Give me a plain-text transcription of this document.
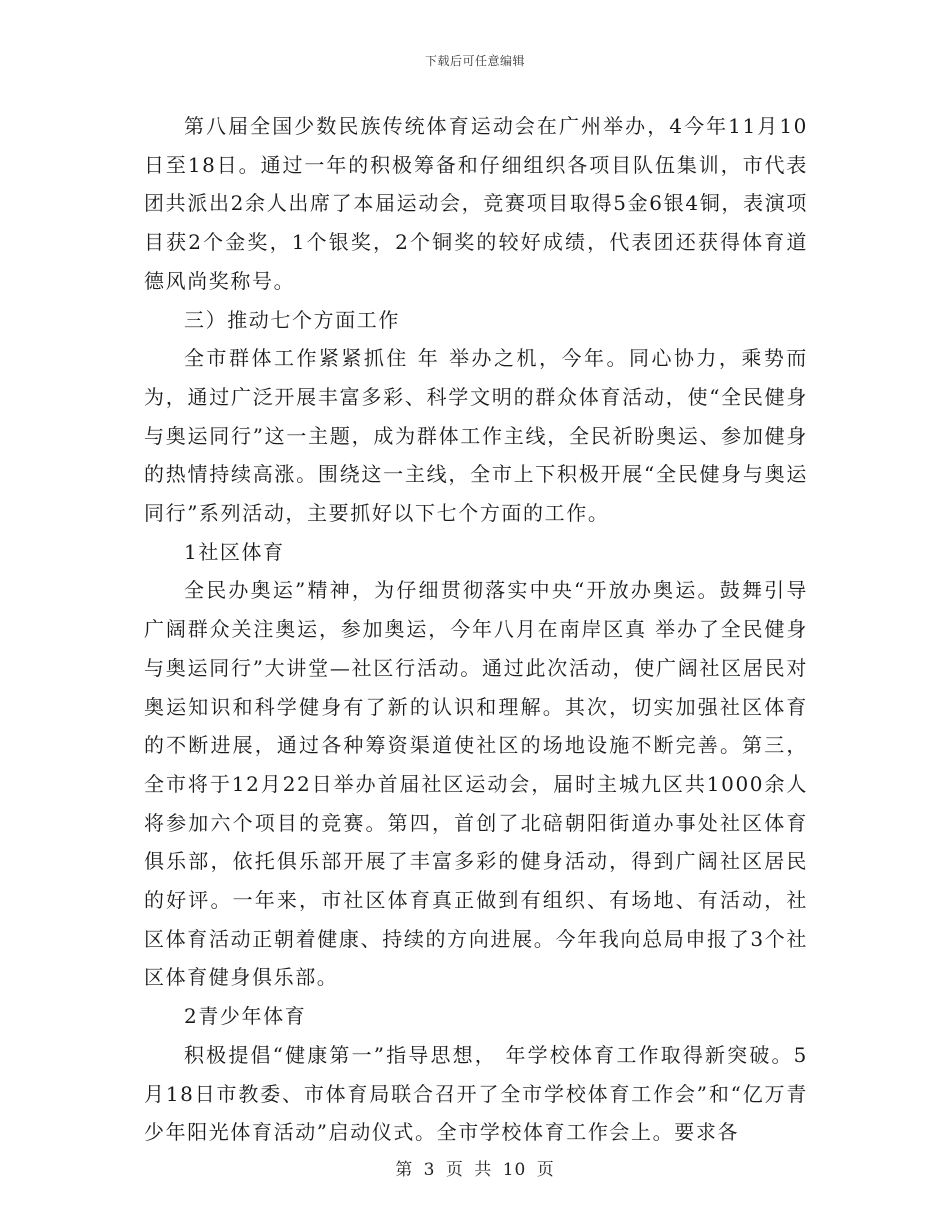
下载后可任意编辑

第八届全国少数民族传统体育运动会在广州举办，4今年11月10日至18日。通过一年的积极筹备和仔细组织各项目队伍集训，市代表团共派出2余人出席了本届运动会，竞赛项目取得5金6银4铜，表演项目获2个金奖，1个银奖，2个铜奖的较好成绩，代表团还获得体育道德风尚奖称号。

三）推动七个方面工作

全市群体工作紧紧抓住 年 举办之机，今年。同心协力，乘势而为，通过广泛开展丰富多彩、科学文明的群众体育活动，使“全民健身与奥运同行”这一主题，成为群体工作主线，全民祈盼奥运、参加健身的热情持续高涨。围绕这一主线，全市上下积极开展“全民健身与奥运同行”系列活动，主要抓好以下七个方面的工作。

1社区体育

全民办奥运”精神，为仔细贯彻落实中央“开放办奥运。鼓舞引导广阔群众关注奥运，参加奥运，今年八月在南岸区真 举办了全民健身与奥运同行”大讲堂—社区行活动。通过此次活动，使广阔社区居民对奥运知识和科学健身有了新的认识和理解。其次，切实加强社区体育的不断进展，通过各种筹资渠道使社区的场地设施不断完善。第三，全市将于12月22日举办首届社区运动会，届时主城九区共1000余人将参加六个项目的竞赛。第四，首创了北碚朝阳街道办事处社区体育俱乐部，依托俱乐部开展了丰富多彩的健身活动，得到广阔社区居民的好评。一年来，市社区体育真正做到有组织、有场地、有活动，社区体育活动正朝着健康、持续的方向进展。今年我向总局申报了3个社区体育健身俱乐部。

2青少年体育

积极提倡“健康第一”指导思想， 年学校体育工作取得新突破。5月18日市教委、市体育局联合召开了全市学校体育工作会”和“亿万青少年阳光体育活动”启动仪式。全市学校体育工作会上。要求各

第 3 页 共 10 页
